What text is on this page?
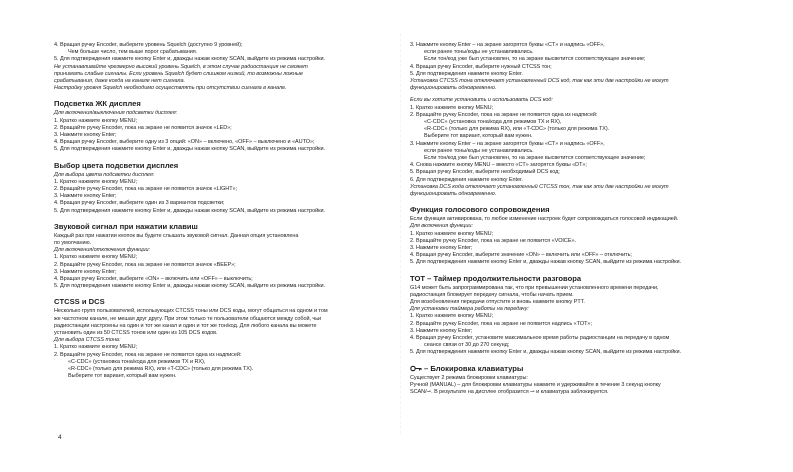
4. Вращая ручку Encoder, выберите уровень Squelch (доступно 9 уровней);
Чем больше число, тем выше порог срабатывания.
5. Для подтверждения нажмите кнопку Enter и, дважды нажав кнопку SCAN, выйдите из режима настройки.
Не устанавливайте чрезмерно высокий уровень Squelch, в этом случае радиостанция не сможет
принимать слабые сигналы. Если уровень Squelch будет слишком низкий, то возможны ложные
срабатывания, даже когда на канале нет сигнала.
Настройку уровня Squelch необходимо осуществлять при отсутствии сигнала в канале.
Подсветка ЖК дисплея
Для включения/выключения подсветки дисплея:
1. Кратко нажмите кнопку MENU;
2. Вращайте ручку Encoder, пока на экране не появится значок «LED»;
3. Нажмите кнопку Enter;
4. Вращая ручку Encoder, выберите одну из 3 опций: «ON» – включено, «OFF» – выключено и «AUTO»;
5. Для подтверждения нажмите кнопку Enter и, дважды нажав кнопку SCAN, выйдите из режима настройки.
Выбор цвета подсветки дисплея
Для выбора цвета подсветки дисплея:
1. Кратко нажмите кнопку MENU;
2. Вращайте ручку Encoder, пока на экране не появится значок «LIGHT»;
3. Нажмите кнопку Enter;
4. Вращая ручку Encoder, выберите один из 3 вариантов подсветки;
5. Для подтверждения нажмите кнопку Enter и, дважды нажав кнопку SCAN, выйдите из режима настройки.
Звуковой сигнал при нажатии клавиш
Каждый раз при нажатии кнопок вы будете слышать звуковой сигнал. Данная опция установлена
по умолчанию.
Для включения/отключения функции:
1. Кратко нажмите кнопку MENU;
2. Вращайте ручку Encoder, пока на экране не появится значок «BEEP»;
3. Нажмите кнопку Enter;
4. Вращая ручку Encoder, выберите «ON» – включить или «OFF» – выключить;
5. Для подтверждения нажмите кнопку Enter и, дважды нажав кнопку SCAN, выйдите из режима настройки.
CTCSS и DCS
Несколько групп пользователей, использующих CTCSS тоны или DCS коды, могут общаться на одном и том
же частотном канале, не мешая друг другу. При этом только те пользователи общаются между собой, чьи
радиостанции настроены на один и тот же канал и один и тот же тон/код. Для любого канала вы можете
установить один из 50 CTCSS тонов или один из 105 DCS кодов.
Для выбора CTCSS тона:
1. Кратко нажмите кнопку MENU;
2. Вращайте ручку Encoder, пока на экране не появится одна из надписей:
«C-CDC» (установка тона/кода для режимов TX и RX),
«R-CDC» (только для режима RX), или «T-CDC» (только для режима TX).
Выберите тот вариант, который вам нужен.
3. Нажмите кнопку Enter – на экране загорятся буквы «CT» и надпись «OFF»,
если ранее тоны/коды не устанавливались.
Если тон/код уже был установлен, то на экране высветится соответствующее значение;
4. Вращая ручку Encoder, выберите нужный CTCSS тон;
5. Для подтверждения нажмите кнопку Enter.
Установка CTCSS тона отключает установленный DCS код, так как эти две настройки не могут
функционировать одновременно.
Если вы хотите установить и использовать DCS код:
1. Кратко нажмите кнопку MENU;
2. Вращайте ручку Encoder, пока на экране не появится одна из надписей:
«C-CDC» (установка тона/кода для режимов TX и RX),
«R-CDC» (только для режима RX), или «T-CDC» (только для режима TX).
Выберите тот вариант, который вам нужен.
3. Нажмите кнопку Enter – на экране загорятся буквы «CT» и надпись «OFF»,
если ранее тоны/коды не устанавливались.
Если тон/код уже был установлен, то на экране высветится соответствующее значение;
4. Снова нажмите кнопку MENU – вместо «CT» загорятся буквы «DT»;
5. Вращая ручку Encoder, выберите необходимый DCS код;
6. Для подтверждения нажмите кнопку Enter.
Установка DCS кода отключает установленный CTCSS тон, так как эти две настройки не могут
функционировать одновременно.
Функция голосового сопровождения
Если функция активирована, то любое изменение настроек будет сопровождаться голосовой индикацией.
Для включения функции:
1. Кратко нажмите кнопку MENU;
2. Вращайте ручку Encoder, пока на экране не появится «VOICE».
3. Нажмите кнопку Enter;
4. Вращая ручку Encoder, выберите значение «ON» – включить или «OFF» – отключить;
5. Для подтверждения нажмите кнопку Enter и, дважды нажав кнопку SCAN, выйдите из режима настройки.
TOT – Таймер продолжительности разговора
G14 может быть запрограммирована так, что при превышении установленного времени передачи,
радиостанция блокирует передачу сигнала, чтобы начать прием.
Для возобновления передачи отпустите и вновь нажмите кнопку PTT.
Для установки таймера работы на передачу:
1. Кратко нажмите кнопку MENU;
2. Вращайте ручку Encoder, пока на экране не появится надпись «TOT»;
3. Нажмите кнопку Enter;
4. Вращая ручку Encoder, установите максимальное время работы радиостанции на передачу в одном
сеансе связи от 30 до 270 секунд;
5. Для подтверждения нажмите кнопку Enter и, дважды нажав кнопку SCAN, выйдите из режима настройки.
– Блокировка клавиатуры
Существует 2 режима блокировки клавиатуры:
Ручной (MANUAL) – для блокировки клавиатуры нажмите и удерживайте в течение 3 секунд кнопку
SCAN/⊸. В результате на дисплее отобразится ⊸ и клавиатура заблокируется.
4
